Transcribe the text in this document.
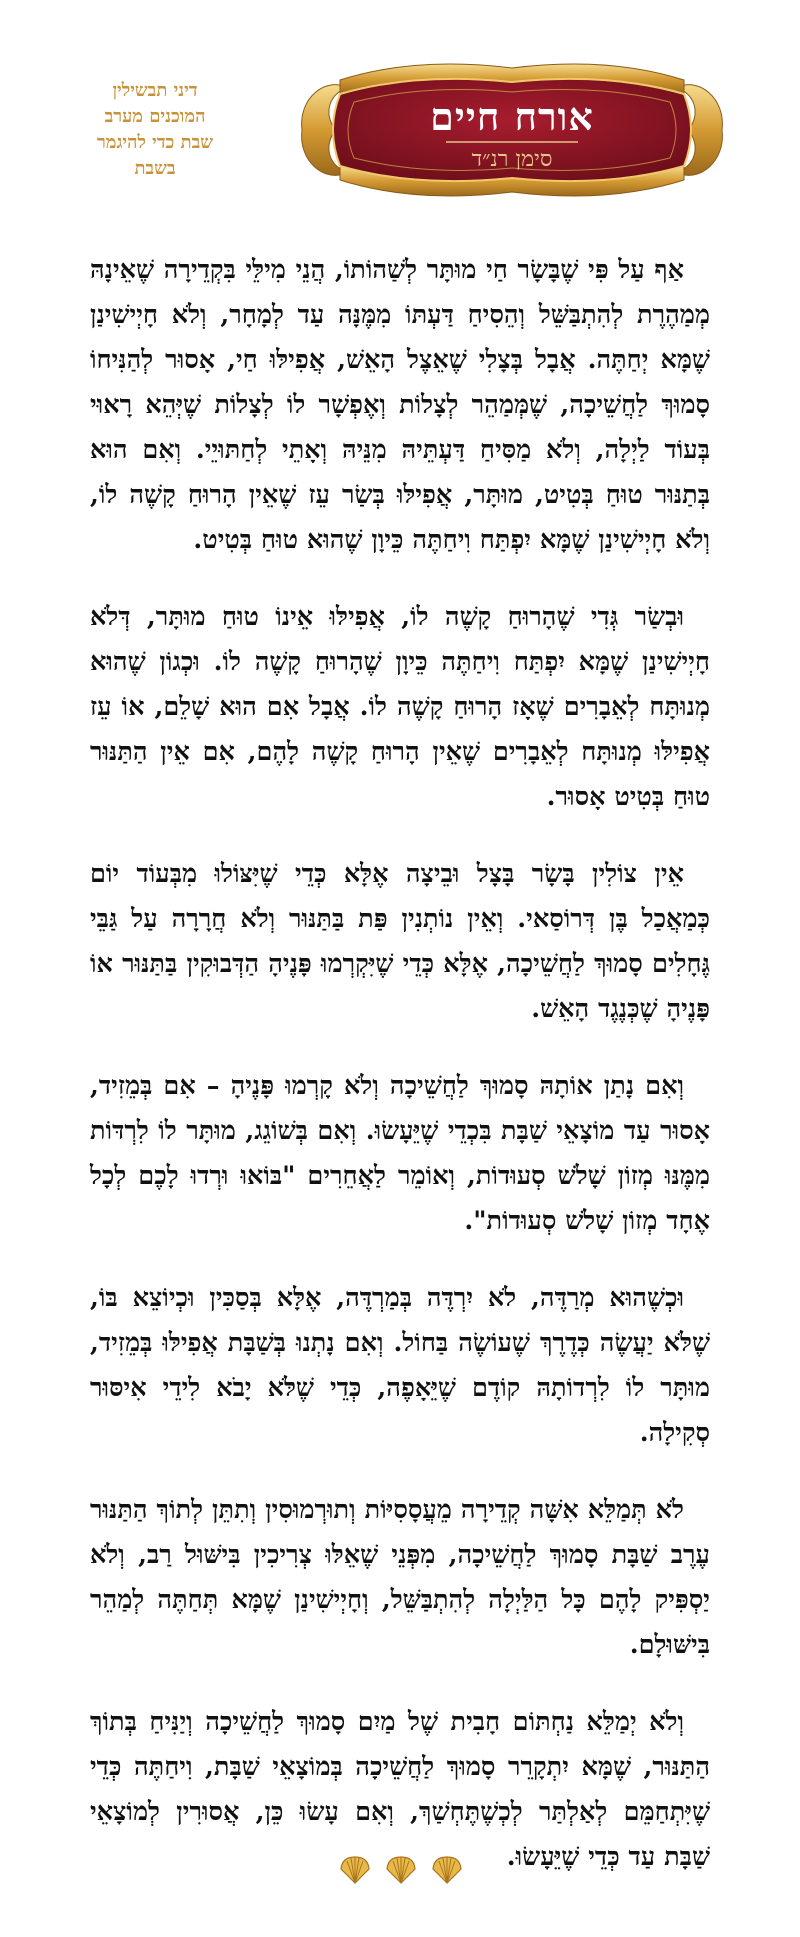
דיני תבשילין
המוכנים מערב
שבת כדי להיגמר
בשבת
אורח חיים
סימן רנ״ד

אַף עַל פִּי שֶׁבָּשָׂר חַי מוּתָּר לְשַׁהוֹתוֹ, הֲנֵי מִילֵּי בִּקְדֵירָה שֶׁאֵינָהּ מְמַהֶרֶת לְהִתְבַּשֵּׁל וְהֵסִיחַ דַּעְתּוֹ מִמֶּנָּה עַד לְמָחָר, וְלֹא חָיְישִׁינַן שֶׁמָּא יְחַתֶּה. אֲבָל בְּצָלִי שֶׁאֵצֶל הָאֵשׁ, אֲפִילּוּ חַי, אָסוּר לְהַנִּיחוֹ סָמוּךְ לַחֲשֵׁיכָה, שֶׁמְּמַהֵר לְצָלוֹת וְאֶפְשָׁר לוֹ לְצָלוֹת שֶׁיְּהֵא רָאוּי בְּעוֹד לַיְלָה, וְלֹא מַסִּיחַ דַּעְתֵּיהּ מִנֵּיהּ וְאָתֵי לְחַתּוּיֵי. וְאִם הוּא בְּתַנּוּר טוּחַ בְּטִיט, מוּתָּר, אֲפִילּוּ בְּשַׂר עֵז שֶׁאֵין הָרוּחַ קָשֶׁה לוֹ, וְלֹא חָיְישִׁינַן שֶׁמָּא יִפְתַּח וִיחַתֶּה כֵּיוָן שֶׁהוּא טוּחַ בְּטִיט.

וּבְשַׂר גְּדִי שֶׁהָרוּחַ קָשֶׁה לוֹ, אֲפִילּוּ אֵינוֹ טוּחַ מוּתָּר, דְּלֹא חָיְישִׁינַן שֶׁמָּא יִפְתַּח וִיחַתֶּה כֵּיוָן שֶׁהָרוּחַ קָשֶׁה לוֹ. וּכְגוֹן שֶׁהוּא מְנוּתָּח לְאֵבָרִים שֶׁאָז הָרוּחַ קָשֶׁה לוֹ. אֲבָל אִם הוּא שָׁלֵם, אוֹ עֵז אֲפִילּוּ מְנוּתָּח לְאֵבָרִים שֶׁאֵין הָרוּחַ קָשֶׁה לָהֶם, אִם אֵין הַתַּנּוּר טוּחַ בְּטִיט אָסוּר.

אֵין צוֹלִין בָּשָׂר בָּצָל וּבֵיצָה אֶלָּא כְּדֵי שֶׁיִּצּוֹלוּ מִבְּעוֹד יוֹם כְּמַאֲכַל בֶּן דְּרוֹסַאי. וְאֵין נוֹתְנִין פַּת בַּתַּנּוּר וְלֹא חֲרָרָה עַל גַּבֵּי גֶּחָלִים סָמוּךְ לַחֲשֵׁיכָה, אֶלָּא כְּדֵי שֶׁיִּקְרְמוּ פָּנֶיהָ הַדְּבוּקִין בַּתַּנּוּר אוֹ פָּנֶיהָ שֶׁכְּנֶגֶד הָאֵשׁ.

וְאִם נָתַן אוֹתָהּ סָמוּךְ לַחֲשֵׁיכָה וְלֹא קָרְמוּ פָּנֶיהָ – אִם בְּמֵזִיד, אָסוּר עַד מוֹצָאֵי שַׁבָּת בִּכְדֵי שֶׁיֵּעָשׂוּ. וְאִם בְּשׁוֹגֵג, מוּתָּר לוֹ לִרְדּוֹת מִמֶּנּוּ מְזוֹן שָׁלֹשׁ סְעוּדוֹת, וְאוֹמֵר לַאֲחֵרִים "בּוֹאוּ וּרְדוּ לָכֶם לְכָל אֶחָד מְזוֹן שָׁלֹשׁ סְעוּדוֹת".

וּכְשֶׁהוּא מְרַדֶּה, לֹא יִרְדֶּה בְּמַרְדֶּה, אֶלָּא בְּסַכִּין וּכְיוֹצֵא בּוֹ, שֶׁלֹּא יַעֲשֶׂה כְּדֶרֶךְ שֶׁעוֹשֶׂה בַּחוֹל. וְאִם נָתְנוּ בְּשַׁבָּת אֲפִילּוּ בְּמֵזִיד, מוּתָּר לוֹ לִרְדוֹתָהּ קוֹדֶם שֶׁיֵּאָפֶה, כְּדֵי שֶׁלֹּא יָבֹא לִידֵי אִיסּוּר סְקִילָה.

לֹא תְּמַלֵּא אִשָּׁה קְדֵירָה מֵעֲסָסִיּוֹת וְתוּרְמוּסִין וְתִתֵּן לְתוֹךְ הַתַּנּוּר עֶרֶב שַׁבָּת סָמוּךְ לַחֲשֵׁיכָה, מִפְּנֵי שֶׁאֵלּוּ צְרִיכִין בִּישּׁוּל רַב, וְלֹא יַסְפִּיק לָהֶם כָּל הַלַּיְלָה לְהִתְבַּשֵּׁל, וְחָיְישִׁינַן שֶׁמָּא תְּחַתֶּה לְמַהֵר בִּישּׁוּלָם.

וְלֹא יְמַלֵּא נַחְתּוֹם חָבִית שֶׁל מַיִם סָמוּךְ לַחֲשֵׁיכָה וְיַנִּיחַ בְּתוֹךְ הַתַּנּוּר, שֶׁמָּא יִתְקָרֵר סָמוּךְ לַחֲשֵׁיכָה בְּמוֹצָאֵי שַׁבָּת, וִיחַתֶּה כְּדֵי שֶׁיִּתְחַמֵּם לְאַלְתַּר לְכְשֶׁתֶּחְשַׁךְ, וְאִם עָשׂוּ כֵּן, אֲסוּרִין לְמוֹצָאֵי שַׁבָּת עַד כְּדֵי שֶׁיֵּעָשׂוּ.
